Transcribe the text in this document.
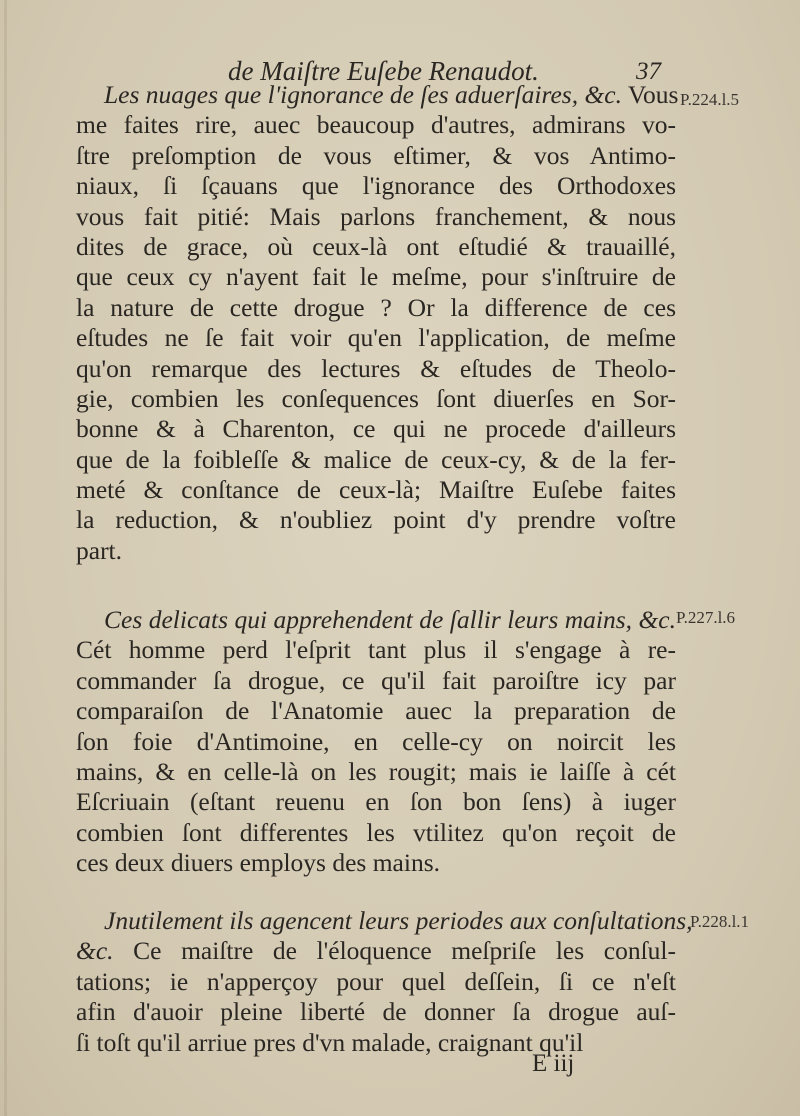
de Maiſtre Euſebe Renaudot.	37
Les nuages que l'ignorance de ſes aduerſaires, &c. Vous
me faites rire, auec beaucoup d'autres, admirans vo-
ſtre preſomption de vous eſtimer, & vos Antimo-
niaux, ſi ſçauans que l'ignorance des Orthodoxes
vous fait pitié: Mais parlons franchement, & nous
dites de grace, où ceux-là ont eſtudié & trauaillé,
que ceux cy n'ayent fait le meſme, pour s'inſtruire de
la nature de cette drogue ? Or la difference de ces
eſtudes ne ſe fait voir qu'en l'application, de meſme
qu'on remarque des lectures & eſtudes de Theolo-
gie, combien les conſequences ſont diuerſes en Sor-
bonne & à Charenton, ce qui ne procede d'ailleurs
que de la foibleſſe & malice de ceux-cy, & de la fer-
meté & conſtance de ceux-là; Maiſtre Euſebe faites
la reduction, & n'oubliez point d'y prendre voſtre
part.
Ces delicats qui apprehendent de ſallir leurs mains, &c.
Cét homme perd l'eſprit tant plus il s'engage à re-
commander ſa drogue, ce qu'il fait paroiſtre icy par
comparaiſon de l'Anatomie auec la preparation de
ſon foie d'Antimoine, en celle-cy on noircit les
mains, & en celle-là on les rougit; mais ie laiſſe à cét
Eſcriuain (eſtant reuenu en ſon bon ſens) à iuger
combien ſont differentes les vtilitez qu'on reçoit de
ces deux diuers employs des mains.
Jnutilement ils agencent leurs periodes aux conſultations,
&c. Ce maiſtre de l'éloquence meſpriſe les conſul-
tations; ie n'apperçoy pour quel deſſein, ſi ce n'eſt
afin d'auoir pleine liberté de donner ſa drogue auſ-
ſi toſt qu'il arriue pres d'vn malade, craignant qu'il
P.224.l.5
P.227.l.6
P.228.l.1
E iij
